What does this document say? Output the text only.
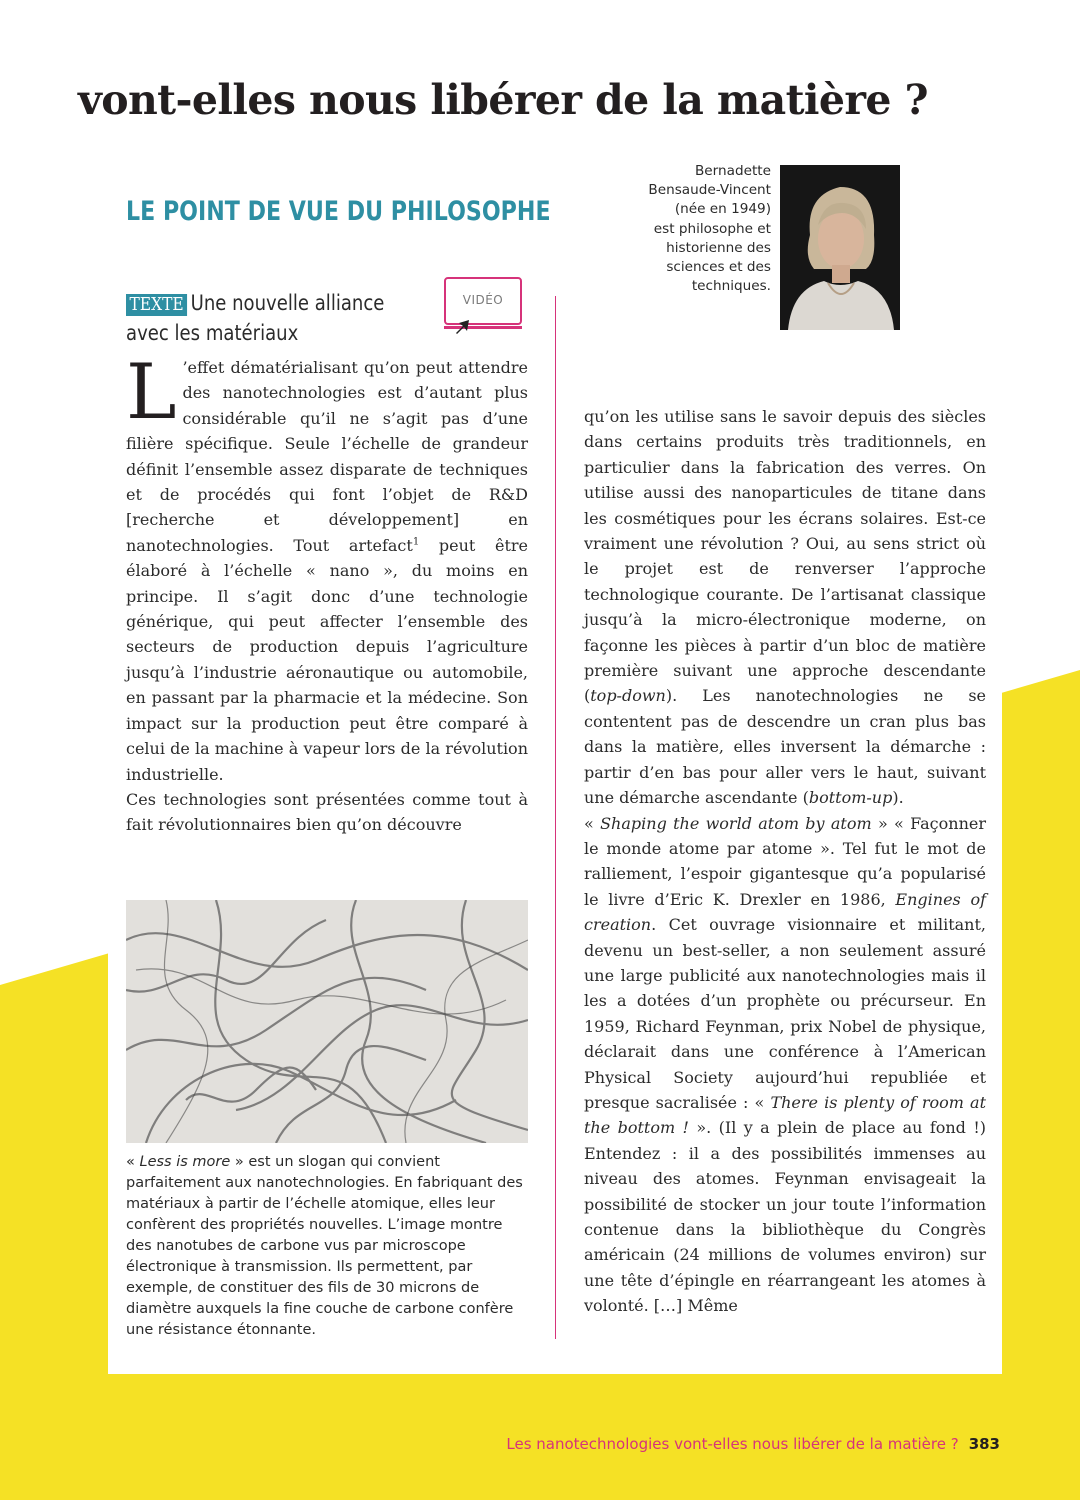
vont-elles nous libérer de la matière ?
LE POINT DE VUE DU PHILOSOPHE
Bernadette
Bensaude-Vincent
(née en 1949)
est philosophe et
historienne des
sciences et des
techniques.
TEXTE Une nouvelle alliance
avec les matériaux
VIDÉO

L ’effet dématérialisant qu’on peut attendre des nanotechnologies est d’autant plus considérable qu’il ne s’agit pas d’une filière spécifique. Seule l’échelle de grandeur définit l’ensemble assez disparate de techniques et de procédés qui font l’objet de R&D [recherche et développement] en nanotechnologies. Tout artefact$^1$ peut être élaboré à l’échelle « nano », du moins en principe. Il s’agit donc d’une technologie générique, qui peut affecter l’ensemble des secteurs de production depuis l’agriculture jusqu’à l’industrie aéronautique ou automobile, en passant par la pharmacie et la médecine. Son impact sur la production peut être comparé à celui de la machine à vapeur lors de la révolution industrielle.

Ces technologies sont présentées comme tout à fait révolutionnaires bien qu’on découvre

« Less is more » est un slogan qui convient parfaitement aux nanotechnologies. En fabriquant des matériaux à partir de l’échelle atomique, elles leur confèrent des propriétés nouvelles. L’image montre des nanotubes de carbone vus par microscope électronique à transmission. Ils permettent, par exemple, de constituer des fils de 30 microns de diamètre auxquels la fine couche de carbone confère une résistance étonnante.

qu’on les utilise sans le savoir depuis des siècles dans certains produits très traditionnels, en particulier dans la fabrication des verres. On utilise aussi des nanoparticules de titane dans les cosmétiques pour les écrans solaires. Est-ce vraiment une révolution ? Oui, au sens strict où le projet est de renverser l’approche technologique courante. De l’artisanat classique jusqu’à la micro-électronique moderne, on façonne les pièces à partir d’un bloc de matière première suivant une approche descendante (top-down). Les nanotechnologies ne se contentent pas de descendre un cran plus bas dans la matière, elles inversent la démarche : partir d’en bas pour aller vers le haut, suivant une démarche ascendante (bottom-up).

« Shaping the world atom by atom » « Façonner le monde atome par atome ». Tel fut le mot de ralliement, l’espoir gigantesque qu’a popularisé le livre d’Eric K. Drexler en 1986, Engines of creation. Cet ouvrage visionnaire et militant, devenu un best-seller, a non seulement assuré une large publicité aux nanotechnologies mais il les a dotées d’un prophète ou précurseur. En 1959, Richard Feynman, prix Nobel de physique, déclarait dans une conférence à l’American Physical Society aujourd’hui republiée et presque sacralisée : « There is plenty of room at the bottom ! ». (Il y a plein de place au fond !) Entendez : il a des possibilités immenses au niveau des atomes. Feynman envisageait la possibilité de stocker un jour toute l’information contenue dans la bibliothèque du Congrès américain (24 millions de volumes environ) sur une tête d’épingle en réarrangeant les atomes à volonté. […] Même

Les nanotechnologies vont-elles nous libérer de la matière ? 383
